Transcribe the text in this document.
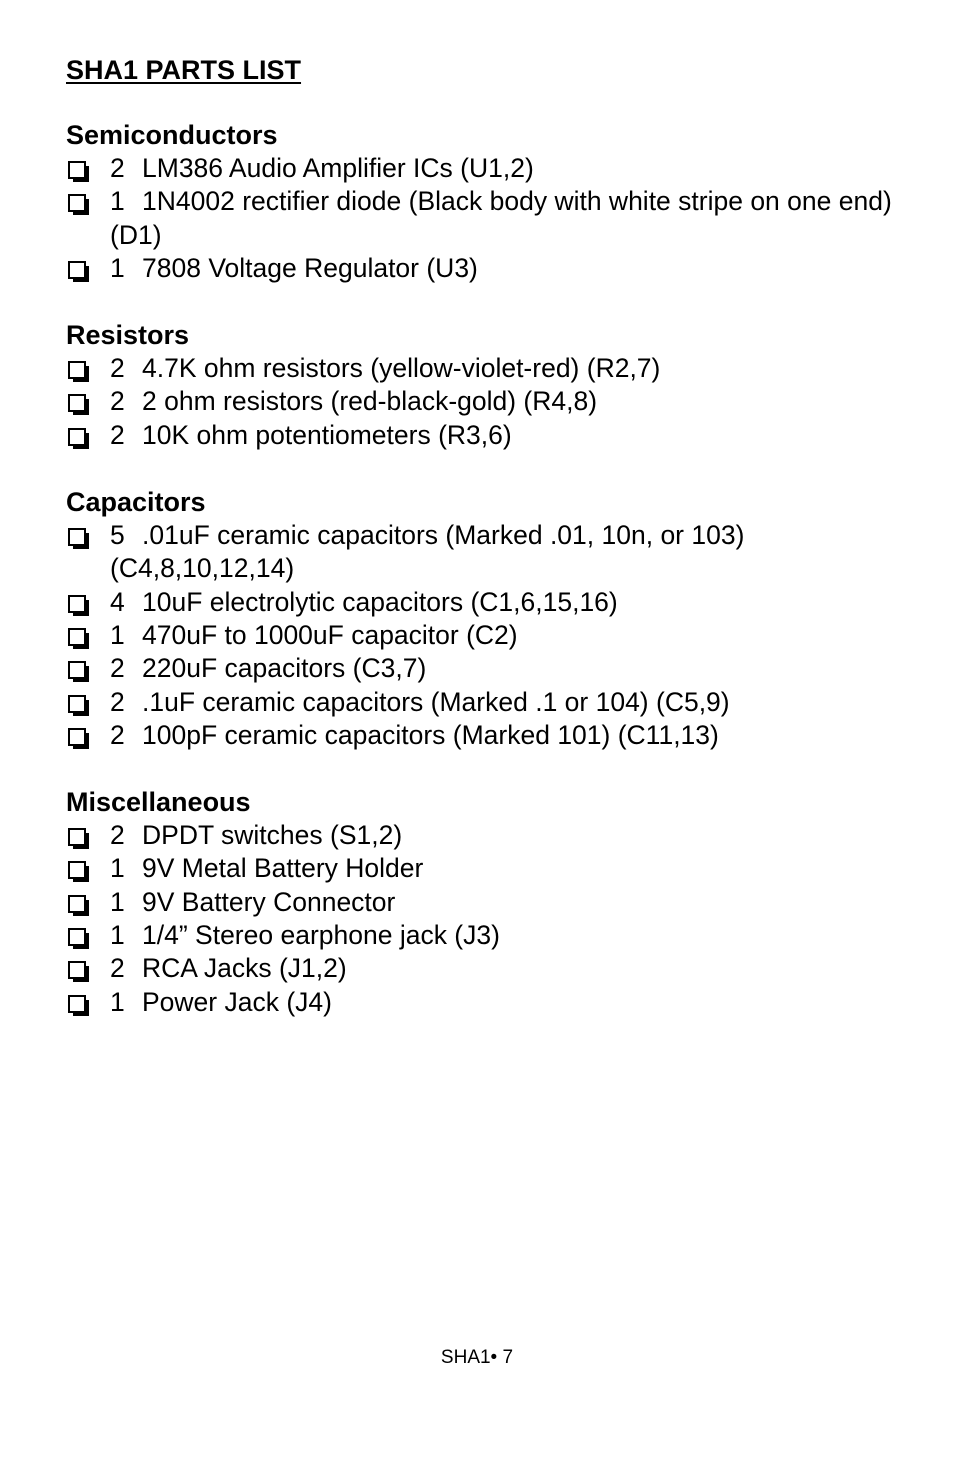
SHA1 PARTS LIST
Semiconductors
2 LM386 Audio Amplifier ICs (U1,2)
1 1N4002 rectifier diode (Black body with white stripe on one end) (D1)
1 7808 Voltage Regulator (U3)
Resistors
2 4.7K ohm resistors (yellow-violet-red) (R2,7)
2 2 ohm resistors (red-black-gold) (R4,8)
2 10K ohm potentiometers (R3,6)
Capacitors
5 .01uF ceramic capacitors (Marked .01, 10n, or 103) (C4,8,10,12,14)
4 10uF electrolytic capacitors (C1,6,15,16)
1 470uF to 1000uF capacitor (C2)
2 220uF capacitors (C3,7)
2 .1uF ceramic capacitors (Marked .1 or 104) (C5,9)
2 100pF ceramic capacitors (Marked 101) (C11,13)
Miscellaneous
2 DPDT switches (S1,2)
1 9V Metal Battery Holder
1 9V Battery Connector
1 1/4” Stereo earphone jack (J3)
2 RCA Jacks (J1,2)
1 Power Jack (J4)
SHA1• 7
